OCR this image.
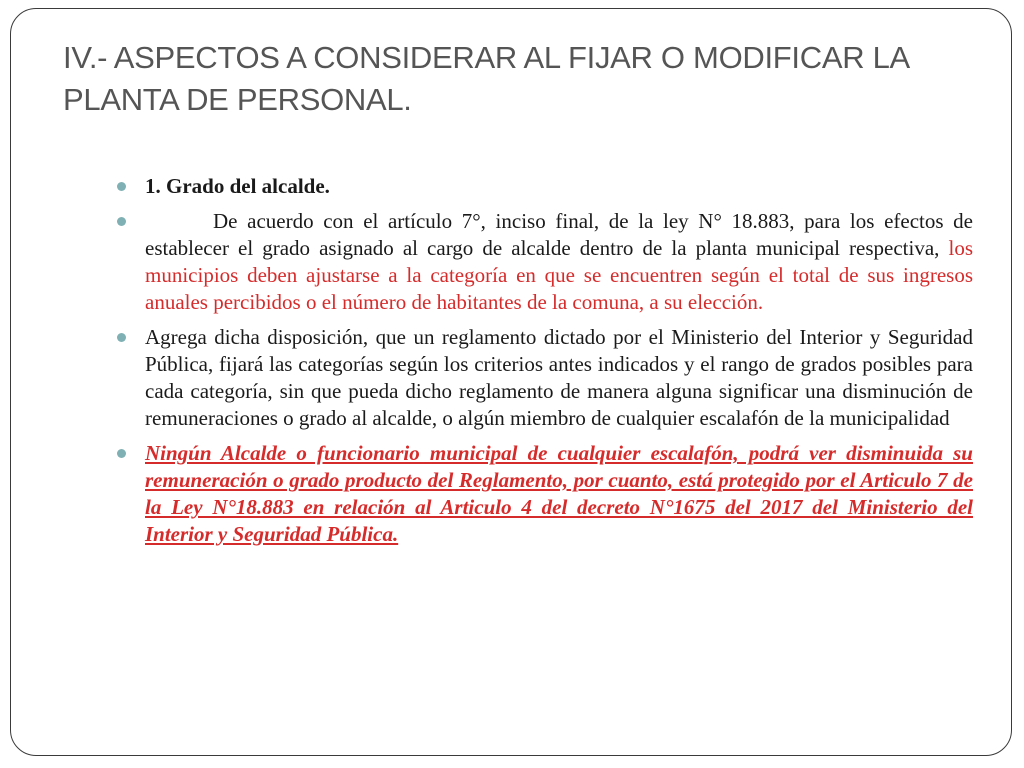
IV.- ASPECTOS A CONSIDERAR AL FIJAR O MODIFICAR LA PLANTA DE PERSONAL.
1. Grado del alcalde.
De acuerdo con el artículo 7°, inciso final, de la ley N° 18.883, para los efectos de establecer el grado asignado al cargo de alcalde dentro de la planta municipal respectiva, los municipios deben ajustarse a la categoría en que se encuentren según el total de sus ingresos anuales percibidos o el número de habitantes de la comuna, a su elección.
Agrega dicha disposición, que un reglamento dictado por el Ministerio del Interior y Seguridad Pública, fijará las categorías según los criterios antes indicados y el rango de grados posibles para cada categoría, sin que pueda dicho reglamento de manera alguna significar una disminución de remuneraciones o grado al alcalde, o algún miembro de cualquier escalafón de la municipalidad
Ningún Alcalde o funcionario municipal de cualquier escalafón, podrá ver disminuida su remuneración o grado producto del Reglamento, por cuanto, está protegido por el Articulo 7 de la Ley N°18.883 en relación al Articulo 4 del decreto N°1675 del 2017 del Ministerio del Interior y Seguridad Pública.
